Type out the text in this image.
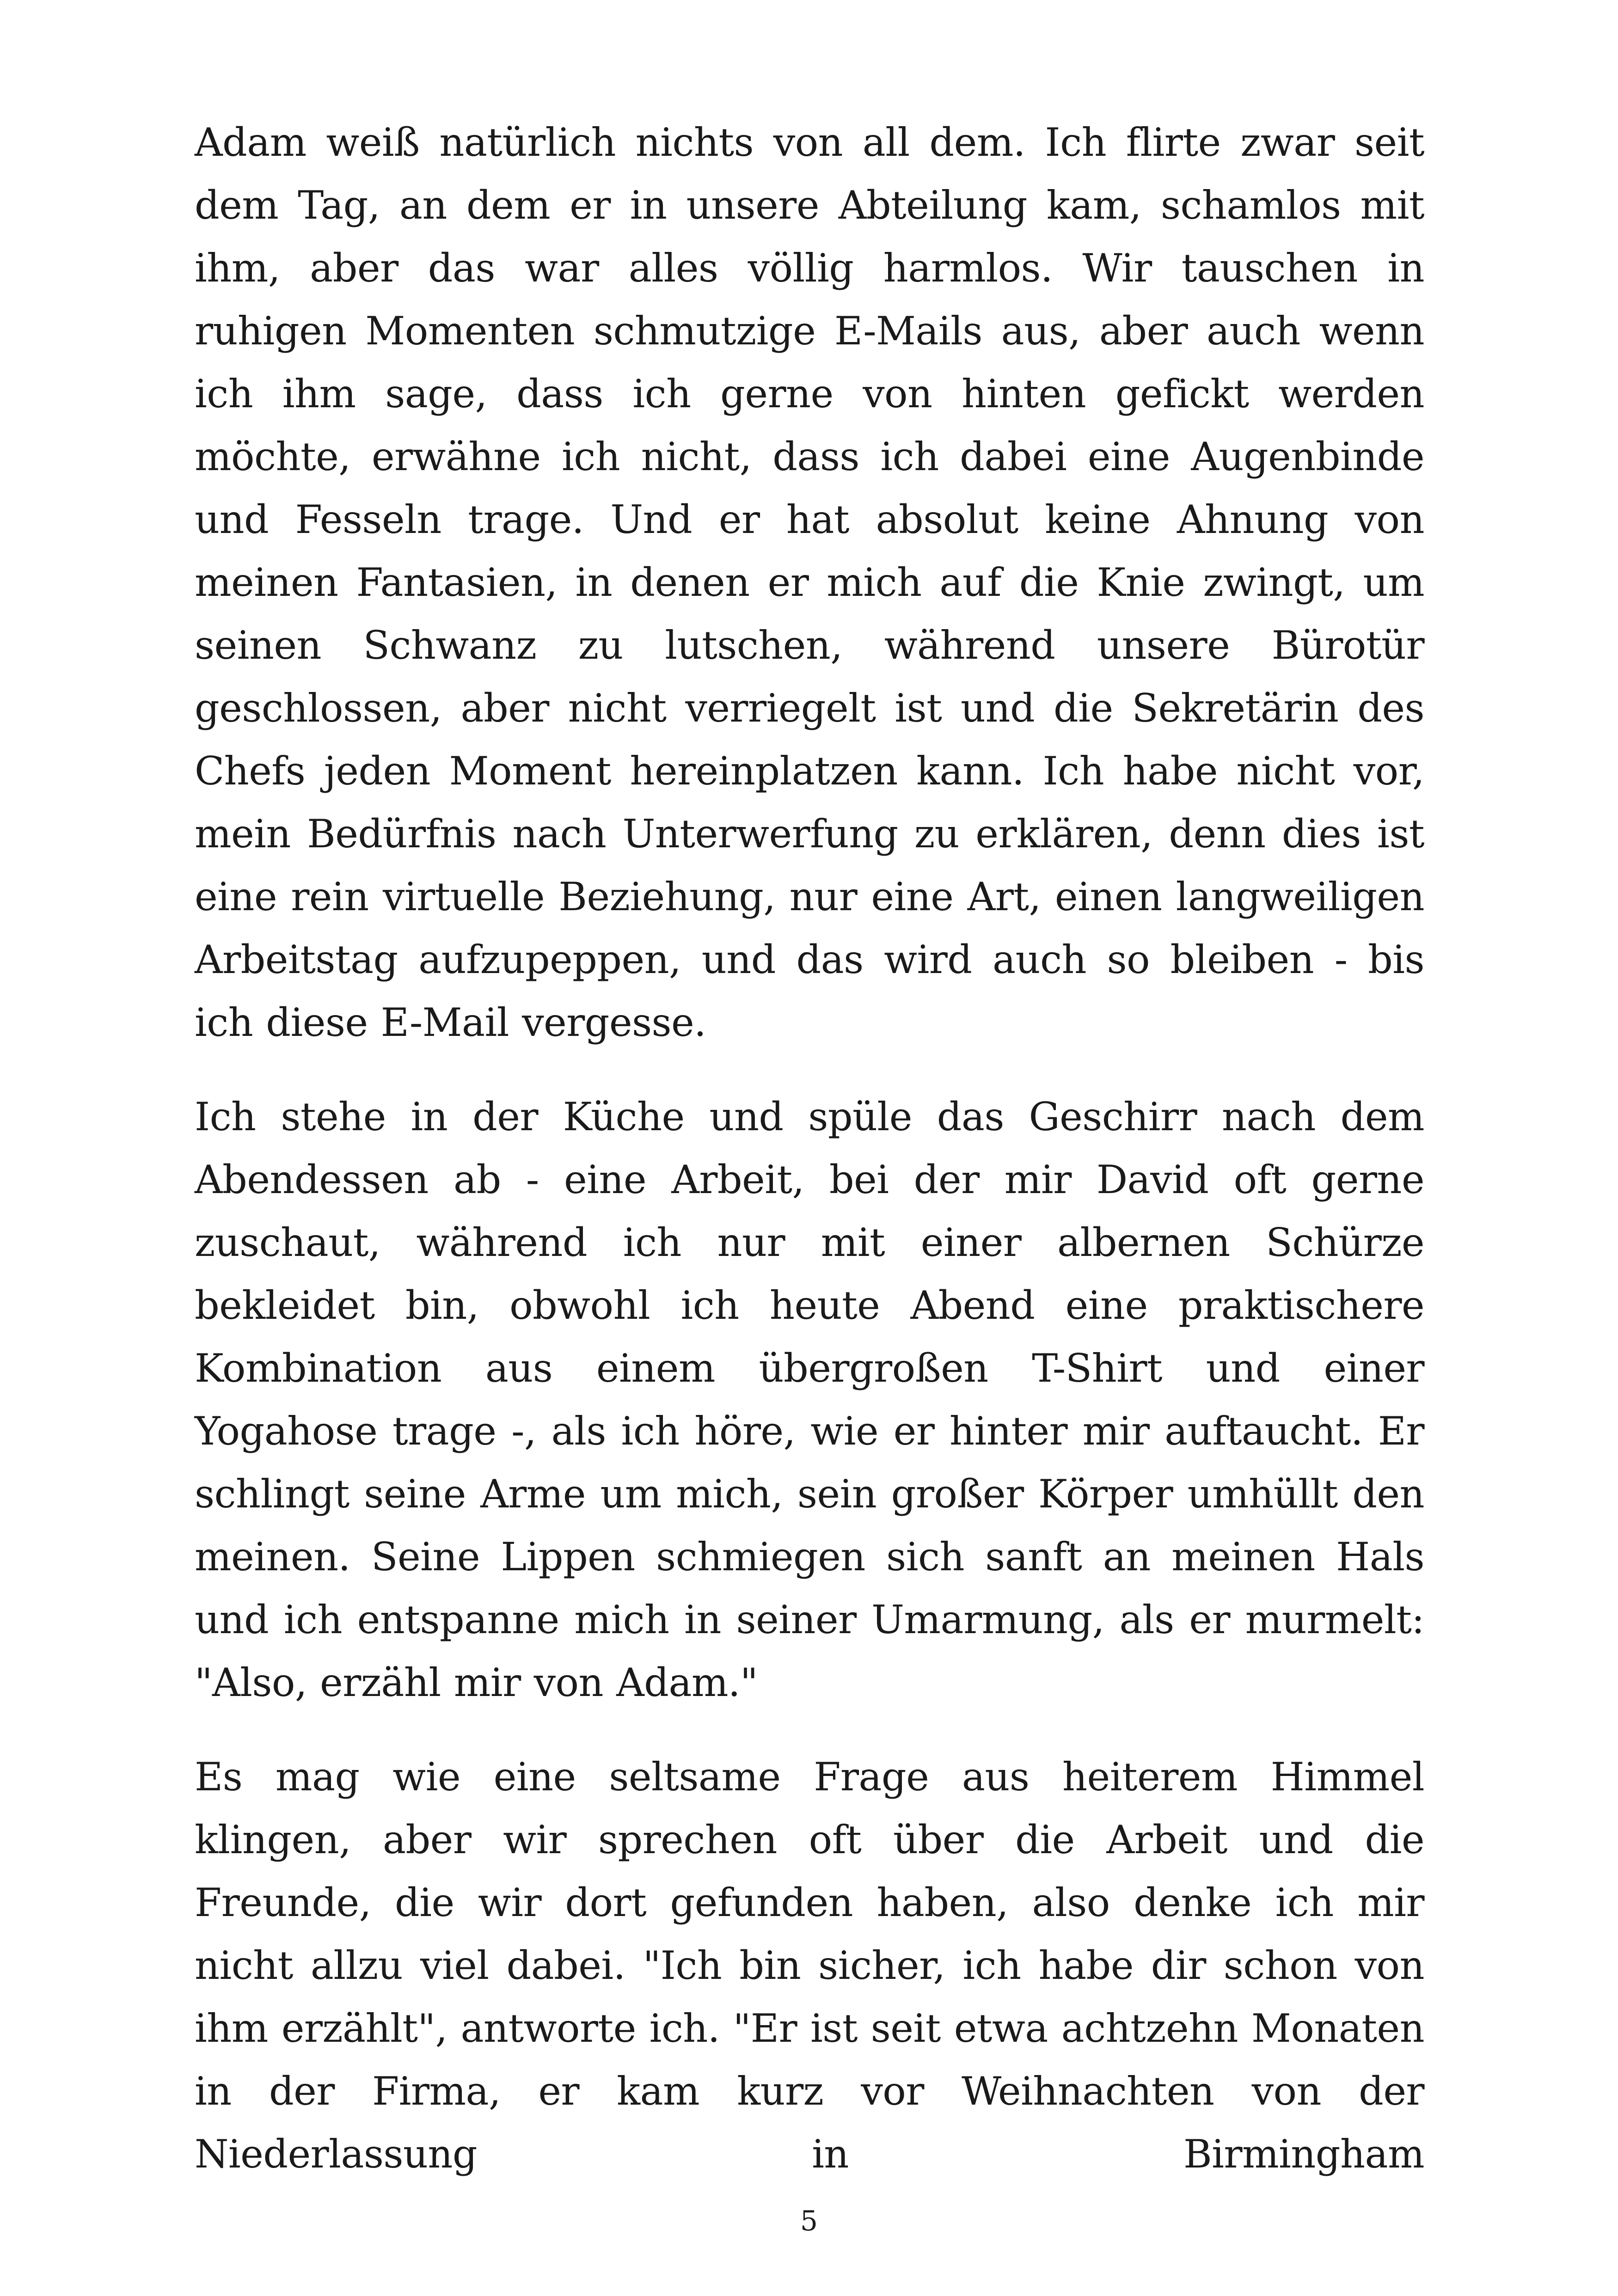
Adam weiß natürlich nichts von all dem. Ich flirte zwar seit dem Tag, an dem er in unsere Abteilung kam, schamlos mit ihm, aber das war alles völlig harmlos. Wir tauschen in ruhigen Momenten schmutzige E-Mails aus, aber auch wenn ich ihm sage, dass ich gerne von hinten gefickt werden möchte, erwähne ich nicht, dass ich dabei eine Augenbinde und Fesseln trage. Und er hat absolut keine Ahnung von meinen Fantasien, in denen er mich auf die Knie zwingt, um seinen Schwanz zu lutschen, während unsere Bürotür geschlossen, aber nicht verriegelt ist und die Sekretärin des Chefs jeden Moment hereinplatzen kann. Ich habe nicht vor, mein Bedürfnis nach Unterwerfung zu erklären, denn dies ist eine rein virtuelle Beziehung, nur eine Art, einen langweiligen Arbeitstag aufzupeppen, und das wird auch so bleiben - bis ich diese E-Mail vergesse.

Ich stehe in der Küche und spüle das Geschirr nach dem Abendessen ab - eine Arbeit, bei der mir David oft gerne zuschaut, während ich nur mit einer albernen Schürze bekleidet bin, obwohl ich heute Abend eine praktischere Kombination aus einem übergroßen T-Shirt und einer Yogahose trage -, als ich höre, wie er hinter mir auftaucht. Er schlingt seine Arme um mich, sein großer Körper umhüllt den meinen. Seine Lippen schmiegen sich sanft an meinen Hals und ich entspanne mich in seiner Umarmung, als er murmelt: "Also, erzähl mir von Adam."

Es mag wie eine seltsame Frage aus heiterem Himmel klingen, aber wir sprechen oft über die Arbeit und die Freunde, die wir dort gefunden haben, also denke ich mir nicht allzu viel dabei. "Ich bin sicher, ich habe dir schon von ihm erzählt", antworte ich. "Er ist seit etwa achtzehn Monaten in der Firma, er kam kurz vor Weihnachten von der Niederlassung in Birmingham

5
